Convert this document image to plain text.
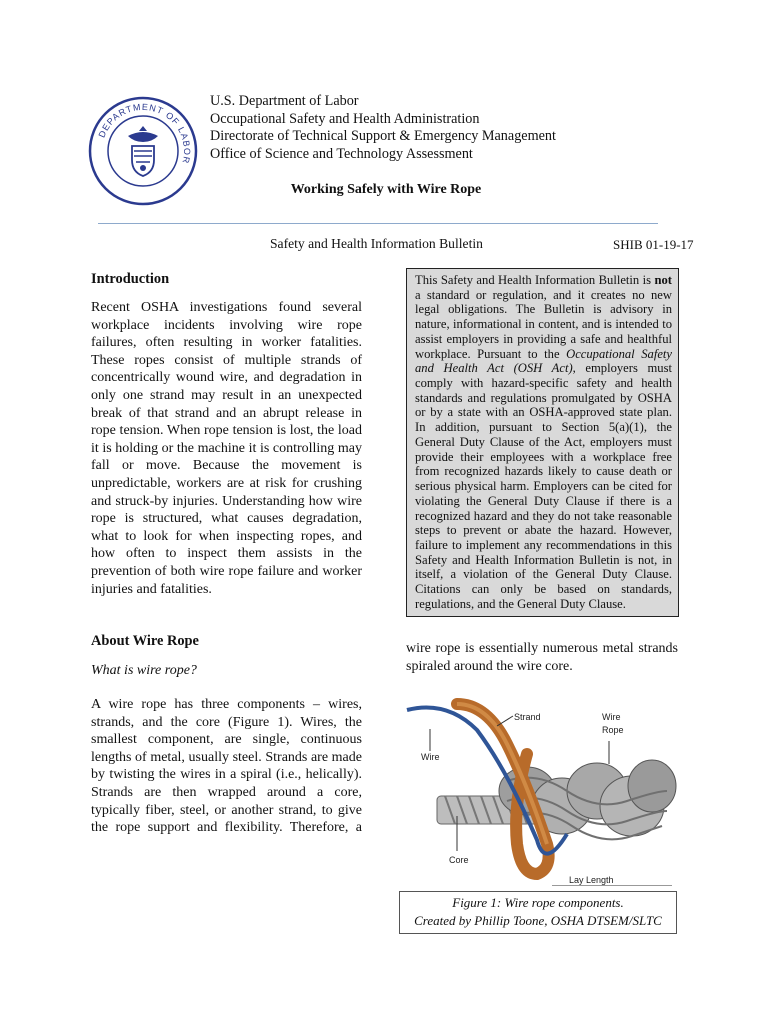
DEPARTMENT OF LABOR
U.S. Department of Labor
Occupational Safety and Health Administration
Directorate of Technical Support & Emergency Management
Office of Science and Technology Assessment
Working Safely with Wire Rope
Safety and Health Information Bulletin	SHIB 01-19-17
Introduction

Recent OSHA investigations found several workplace incidents involving wire rope failures, often resulting in worker fatalities. These ropes consist of multiple strands of concentrically wound wire, and degradation in only one strand may result in an unexpected break of that strand and an abrupt release in rope tension. When rope tension is lost, the load it is holding or the machine it is controlling may fall or move. Because the movement is unpredictable, workers are at risk for crushing and struck-by injuries. Understanding how wire rope is structured, what causes degradation, what to look for when inspecting ropes, and how often to inspect them assists in the prevention of both wire rope failure and worker injuries and fatalities.

About Wire Rope

What is wire rope?

A wire rope has three components – wires, strands, and the core (Figure 1). Wires, the smallest component, are single, continuous lengths of metal, usually steel. Strands are made by twisting the wires in a spiral (i.e., helically). Strands are then wrapped around a core, typically fiber, steel, or another strand, to give the rope support and flexibility. Therefore, a

This Safety and Health Information Bulletin is not a standard or regulation, and it creates no new legal obligations. The Bulletin is advisory in nature, informational in content, and is intended to assist employers in providing a safe and healthful workplace. Pursuant to the Occupational Safety and Health Act (OSH Act), employers must comply with hazard-specific safety and health standards and regulations promulgated by OSHA or by a state with an OSHA-approved state plan. In addition, pursuant to Section 5(a)(1), the General Duty Clause of the Act, employers must provide their employees with a workplace free from recognized hazards likely to cause death or serious physical harm. Employers can be cited for violating the General Duty Clause if there is a recognized hazard and they do not take reasonable steps to prevent or abate the hazard. However, failure to implement any recommendations in this Safety and Health Information Bulletin is not, in itself, a violation of the General Duty Clause. Citations can only be based on standards, regulations, and the General Duty Clause.

wire rope is essentially numerous metal strands spiraled around the wire core.

Strand	Wire
Rope
Wire
Core
Lay Length
Figure 1: Wire rope components.
Created by Phillip Toone, OSHA DTSEM/SLTC
